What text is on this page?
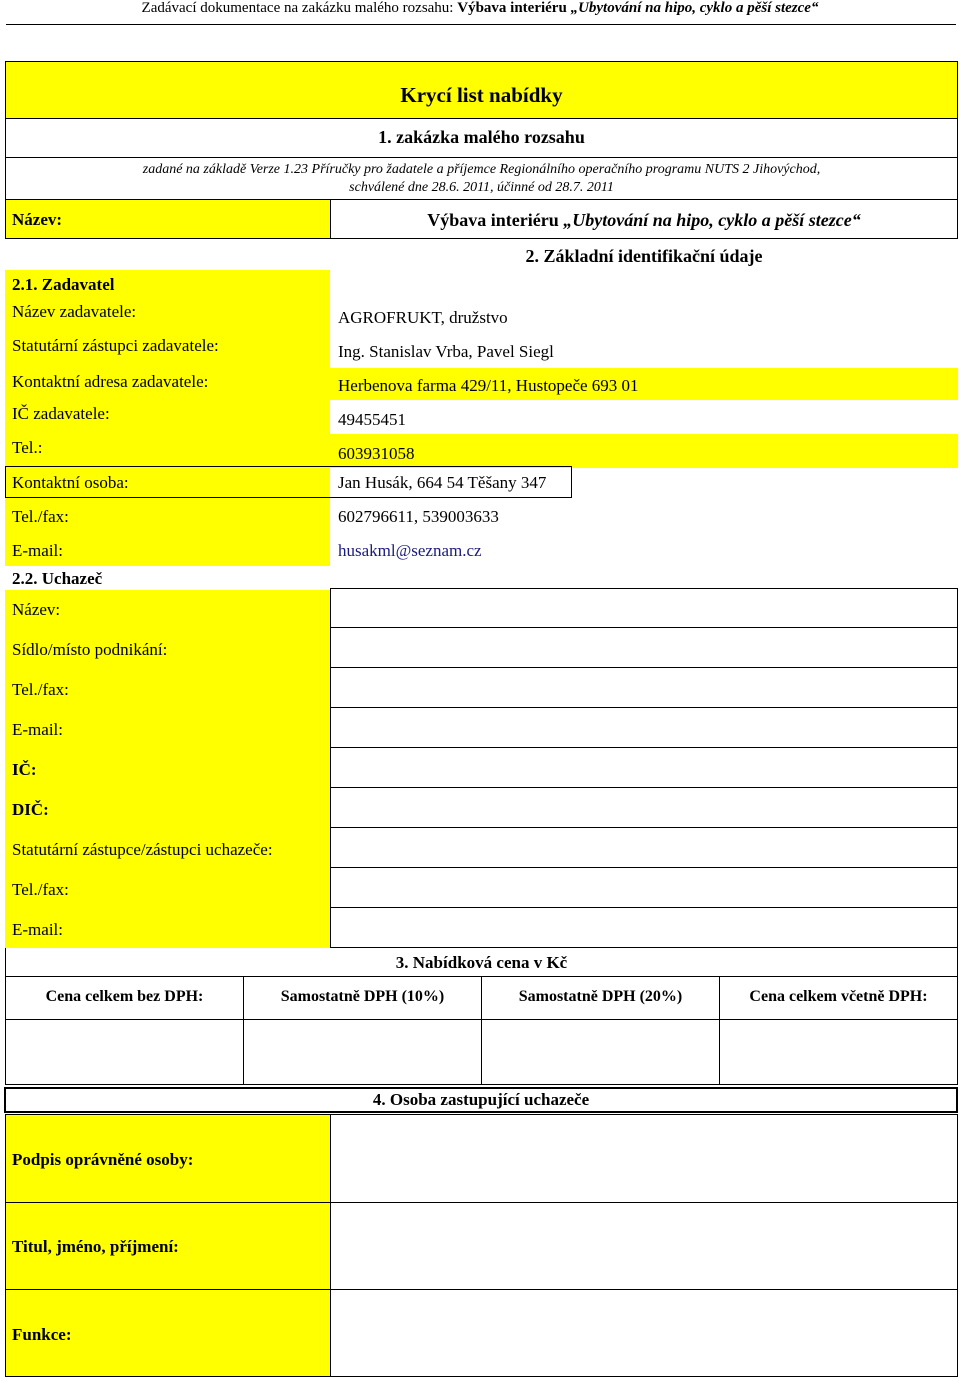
Zadávací dokumentace na zakázku malého rozsahu: Výbava interiéru „Ubytování na hipo, cyklo a pěší stezce“
Krycí list nabídky
1. zakázka malého rozsahu
zadané na základě Verze 1.23 Příručky pro žadatele a příjemce Regionálního operačního programu NUTS 2 Jihovýchod,
schválené dne 28.6. 2011, účinné od 28.7. 2011
Název:	Výbava interiéru „Ubytování na hipo, cyklo a pěší stezce“
2. Základní identifikační údaje
2.1. Zadavatel
Název zadavatele:	AGROFRUKT, družstvo
Statutární zástupci zadavatele:	Ing. Stanislav Vrba, Pavel Siegl
Kontaktní adresa zadavatele:	Herbenova farma 429/11, Hustopeče 693 01
IČ zadavatele:	49455451
Tel.:	603931058
Kontaktní osoba:	Jan Husák, 664 54 Těšany 347
Tel./fax:	602796611, 539003633
E-mail:	husakml@seznam.cz
2.2. Uchazeč
Název:
Sídlo/místo podnikání:
Tel./fax:
E-mail:
IČ:
DIČ:
Statutární zástupce/zástupci uchazeče:
Tel./fax:
E-mail:
3. Nabídková cena v Kč
Cena celkem bez DPH:	Samostatně DPH (10%)	Samostatně DPH (20%)	Cena celkem včetně DPH:
4. Osoba zastupující uchazeče
Podpis oprávněné osoby:
Titul, jméno, příjmení:
Funkce:
